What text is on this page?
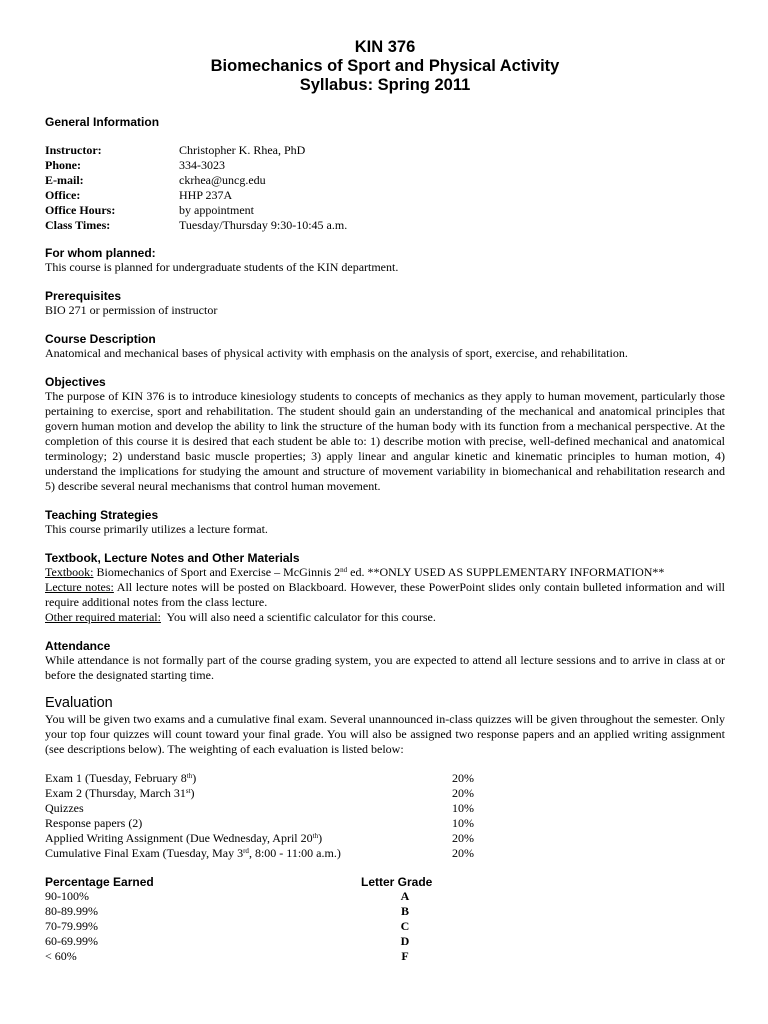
KIN 376
Biomechanics of Sport and Physical Activity
Syllabus: Spring 2011
General Information
Instructor:	Christopher K. Rhea, PhD
Phone:	334-3023
E-mail:	ckrhea@uncg.edu
Office:	HHP 237A
Office Hours:	by appointment
Class Times:	Tuesday/Thursday 9:30-10:45 a.m.
For whom planned:
This course is planned for undergraduate students of the KIN department.
Prerequisites
BIO 271 or permission of instructor
Course Description
Anatomical and mechanical bases of physical activity with emphasis on the analysis of sport, exercise, and rehabilitation.
Objectives
The purpose of KIN 376 is to introduce kinesiology students to concepts of mechanics as they apply to human movement, particularly those pertaining to exercise, sport and rehabilitation. The student should gain an understanding of the mechanical and anatomical principles that govern human motion and develop the ability to link the structure of the human body with its function from a mechanical perspective. At the completion of this course it is desired that each student be able to: 1) describe motion with precise, well-defined mechanical and anatomical terminology; 2) understand basic muscle properties; 3) apply linear and angular kinetic and kinematic principles to human motion, 4) understand the implications for studying the amount and structure of movement variability in biomechanical and rehabilitation research and 5) describe several neural mechanisms that control human movement.
Teaching Strategies
This course primarily utilizes a lecture format.
Textbook, Lecture Notes and Other Materials
Textbook: Biomechanics of Sport and Exercise – McGinnis 2nd ed. **ONLY USED AS SUPPLEMENTARY INFORMATION**
Lecture notes: All lecture notes will be posted on Blackboard. However, these PowerPoint slides only contain bulleted information and will require additional notes from the class lecture.
Other required material:  You will also need a scientific calculator for this course.
Attendance
While attendance is not formally part of the course grading system, you are expected to attend all lecture sessions and to arrive in class at or before the designated starting time.
Evaluation
You will be given two exams and a cumulative final exam. Several unannounced in-class quizzes will be given throughout the semester. Only your top four quizzes will count toward your final grade. You will also be assigned two response papers and an applied writing assignment (see descriptions below). The weighting of each evaluation is listed below:
Exam 1 (Tuesday, February 8th)	20%
Exam 2 (Thursday, March 31st)	20%
Quizzes	10%
Response papers (2)	10%
Applied Writing Assignment (Due Wednesday, April 20th)	20%
Cumulative Final Exam (Tuesday, May 3rd, 8:00 - 11:00 a.m.)	20%
Percentage Earned	Letter Grade
90-100%	A
80-89.99%	B
70-79.99%	C
60-69.99%	D
< 60%	F
